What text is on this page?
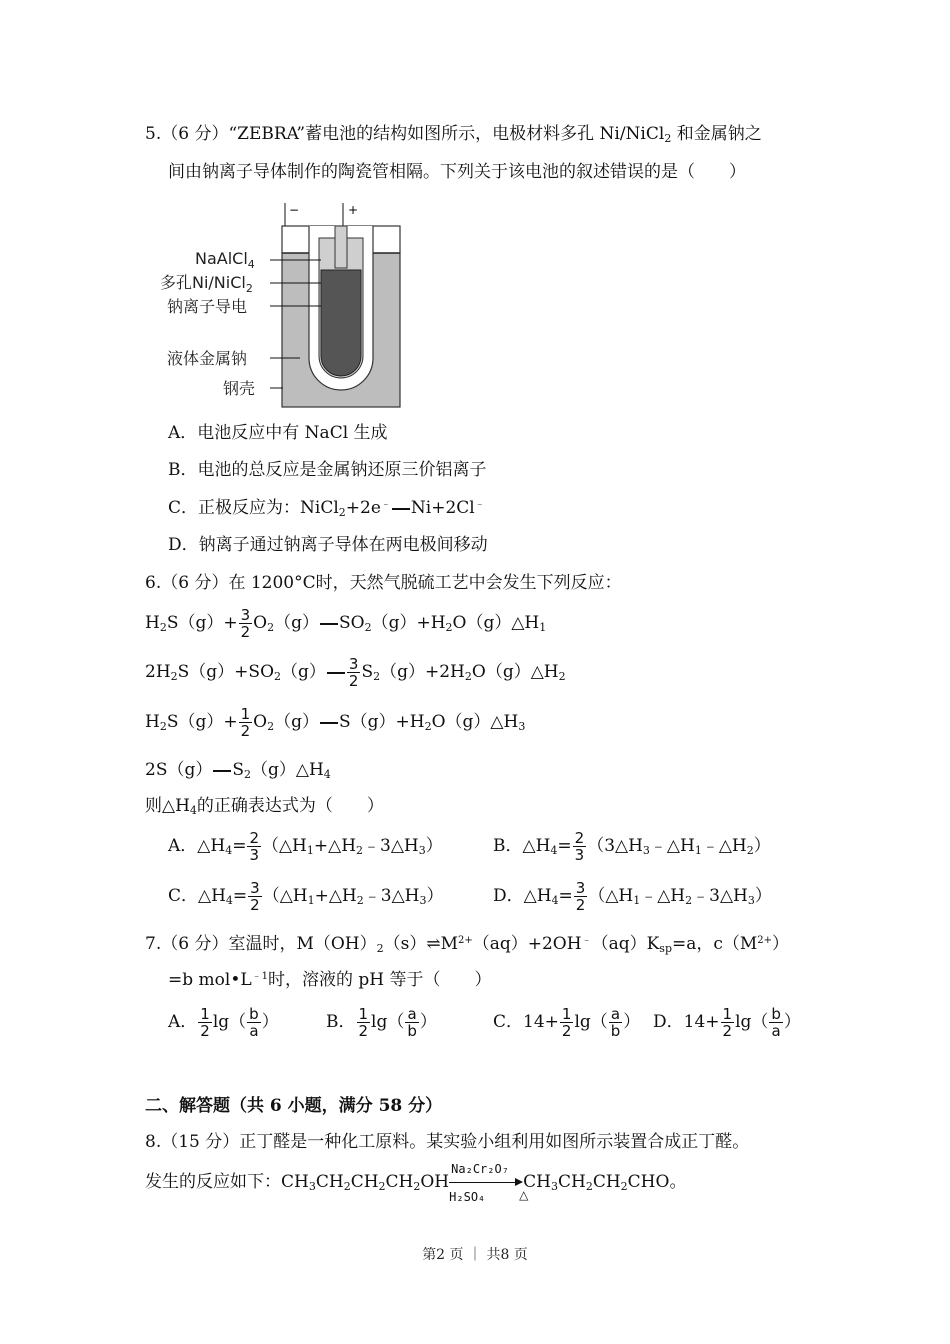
5.（6 分）“ZEBRA”蓄电池的结构如图所示，电极材料多孔 Ni/NiCl$_2$ 和金属钠之
间由钠离子导体制作的陶瓷管相隔。下列关于该电池的叙述错误的是（　　）
−	+
NaAlCl$_4$
多孔Ni/NiCl$_2$
钠离子导电
液体金属钠
钢壳
A．电池反应中有 NaCl 生成
B．电池的总反应是金属钠还原三价铝离子
C．正极反应为：NiCl$_2$+2e﹣ Ni+2Cl﹣
D．钠离子通过钠离子导体在两电极间移动
6.（6 分）在 1200°C时，天然气脱硫工艺中会发生下列反应：
$H_2S(g)+ \frac{3}{2} O_2(g)$ $SO_2(g)+H_2O(g)\triangle H_1$
$2H_2S(g)+SO_2(g) \frac{3}{2}$ $S_2(g)+2H_2O(g)\triangle H_2$
$H_2S(g)+ \frac{1}{2} O_2(g)$ $S(g)+H_2O(g)\triangle H_3$
2S（g） $S_2(g)\triangle H_4$
则$\triangle H_4$的正确表达式为（　　）
A．$\triangle H_4= \frac{2}{3}$ $(\triangle H_1+\triangle H_2﹣3\triangle H_3)$	B．$\triangle H_4= \frac{2}{3}$ $(3\triangle H_3﹣\triangle H_1﹣\triangle H_2)$
C．$\triangle H_4= \frac{3}{2}$ $(\triangle H_1+\triangle H_2﹣3\triangle H_3)$	D．$\triangle H_4= \frac{3}{2}$ $(\triangle H_1﹣\triangle H_2﹣3\triangle H_3)$
7.（6 分）室温时，$M(OH)_2(s)\rightleftharpoons M^{2+}(aq)+2OH^﹣(aq)K_{sp}=a$，$c(M^{2+})$
=b $mol•L^{﹣1}$时，溶液的 pH 等于（　　）
A． $\frac{1}{2} \lg( \frac{b}{a}$ ）	B． $\frac{1}{2} \lg( \frac{a}{b}$ ）	C．$14+ \frac{1}{2} \lg( \frac{a}{b}$ ） D．$14+ \frac{1}{2} \lg( \frac{b}{a}$ ）
二、解答题（共 6 小题，满分 58 分）
8.（15 分）正丁醛是一种化工原料。某实验小组利用如图所示装置合成正丁醛。
发生的反应如下：$CH_3CH_2CH_2CH_2OH$
Na₂Cr₂O₇
H₂SO₄	△
$CH_3CH_2CH_2CHO$。
第2 页 ｜ 共8 页
